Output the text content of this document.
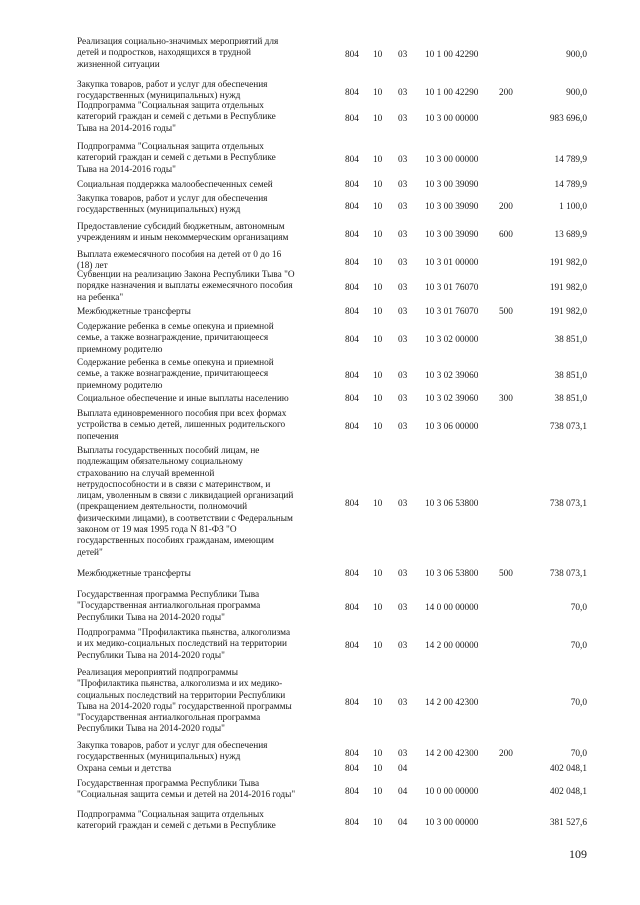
Реализация социально-значимых мероприятий для
детей и подростков, находящихся в трудной
жизненной ситуации
804	10	03	10 1 00 42290	900,0
Закупка товаров, работ и услуг для обеспечения
государственных (муниципальных) нужд	804	10	03	10 1 00 42290	200	900,0
Подпрограмма "Социальная защита отдельных
категорий граждан и семей с детьми в Республике
Тыва на 2014-2016 годы"
804	10	03	10 3 00 00000	983 696,0
Подпрограмма "Социальная защита отдельных
категорий граждан и семей с детьми в Республике
Тыва на 2014-2016 годы"
804	10	03	10 3 00 00000	14 789,9
Социальная поддержка малообеспеченных семей	804	10	03	10 3 00 39090	14 789,9
Закупка товаров, работ и услуг для обеспечения
государственных (муниципальных) нужд	804	10	03	10 3 00 39090	200	1 100,0
Предоставление субсидий бюджетным, автономным
учреждениям и иным некоммерческим организациям	804	10	03	10 3 00 39090	600	13 689,9
Выплата ежемесячного пособия на детей от 0 до 16
(18) лет	804	10	03	10 3 01 00000	191 982,0
Субвенции на реализацию Закона Республики Тыва "О
порядке назначения и выплаты ежемесячного пособия
на ребенка"
804	10	03	10 3 01 76070	191 982,0
Межбюджетные трансферты	804	10	03	10 3 01 76070	500	191 982,0
Содержание ребенка в семье опекуна и приемной
семье, а также вознаграждение, причитающееся
приемному родителю
804	10	03	10 3 02 00000	38 851,0
Содержание ребенка в семье опекуна и приемной
семье, а также вознаграждение, причитающееся
приемному родителю
804	10	03	10 3 02 39060	38 851,0
Социальное обеспечение и иные выплаты населению	804	10	03	10 3 02 39060	300	38 851,0
Выплата единовременного пособия при всех формах
устройства в семью детей, лишенных родительского
попечения
804	10	03	10 3 06 00000	738 073,1
Выплаты государственных пособий лицам, не
подлежащим обязательному социальному
страхованию на случай временной
нетрудоспособности и в связи с материнством, и
лицам, уволенным в связи с ликвидацией организаций
(прекращением деятельности, полномочий
физическими лицами), в соответствии с Федеральным
законом от 19 мая 1995 года N 81-ФЗ "О
государственных пособиях гражданам, имеющим
детей"
804	10	03	10 3 06 53800	738 073,1
Межбюджетные трансферты	804	10	03	10 3 06 53800	500	738 073,1
Государственная программа Республики Тыва
"Государственная антиалкогольная программа
Республики Тыва на 2014-2020 годы"
804	10	03	14 0 00 00000	70,0
Подпрограмма "Профилактика пьянства, алкоголизма
и их медико-социальных последствий на территории
Республики Тыва на 2014-2020 годы"
804	10	03	14 2 00 00000	70,0
Реализация мероприятий подпрограммы
"Профилактика пьянства, алкоголизма и их медико-
социальных последствий на территории Республики
Тыва на 2014-2020 годы" государственной программы
"Государственная антиалкогольная программа
Республики Тыва на 2014-2020 годы"
804	10	03	14 2 00 42300	70,0
Закупка товаров, работ и услуг для обеспечения
государственных (муниципальных) нужд	804	10	03	14 2 00 42300	200	70,0
Охрана семьи и детства	804	10	04	402 048,1
Государственная программа Республики Тыва
"Социальная защита семьи и детей на 2014-2016 годы"	804	10	04	10 0 00 00000	402 048,1
Подпрограмма "Социальная защита отдельных
категорий граждан и семей с детьми в Республике	804	10	04	10 3 00 00000	381 527,6
109
